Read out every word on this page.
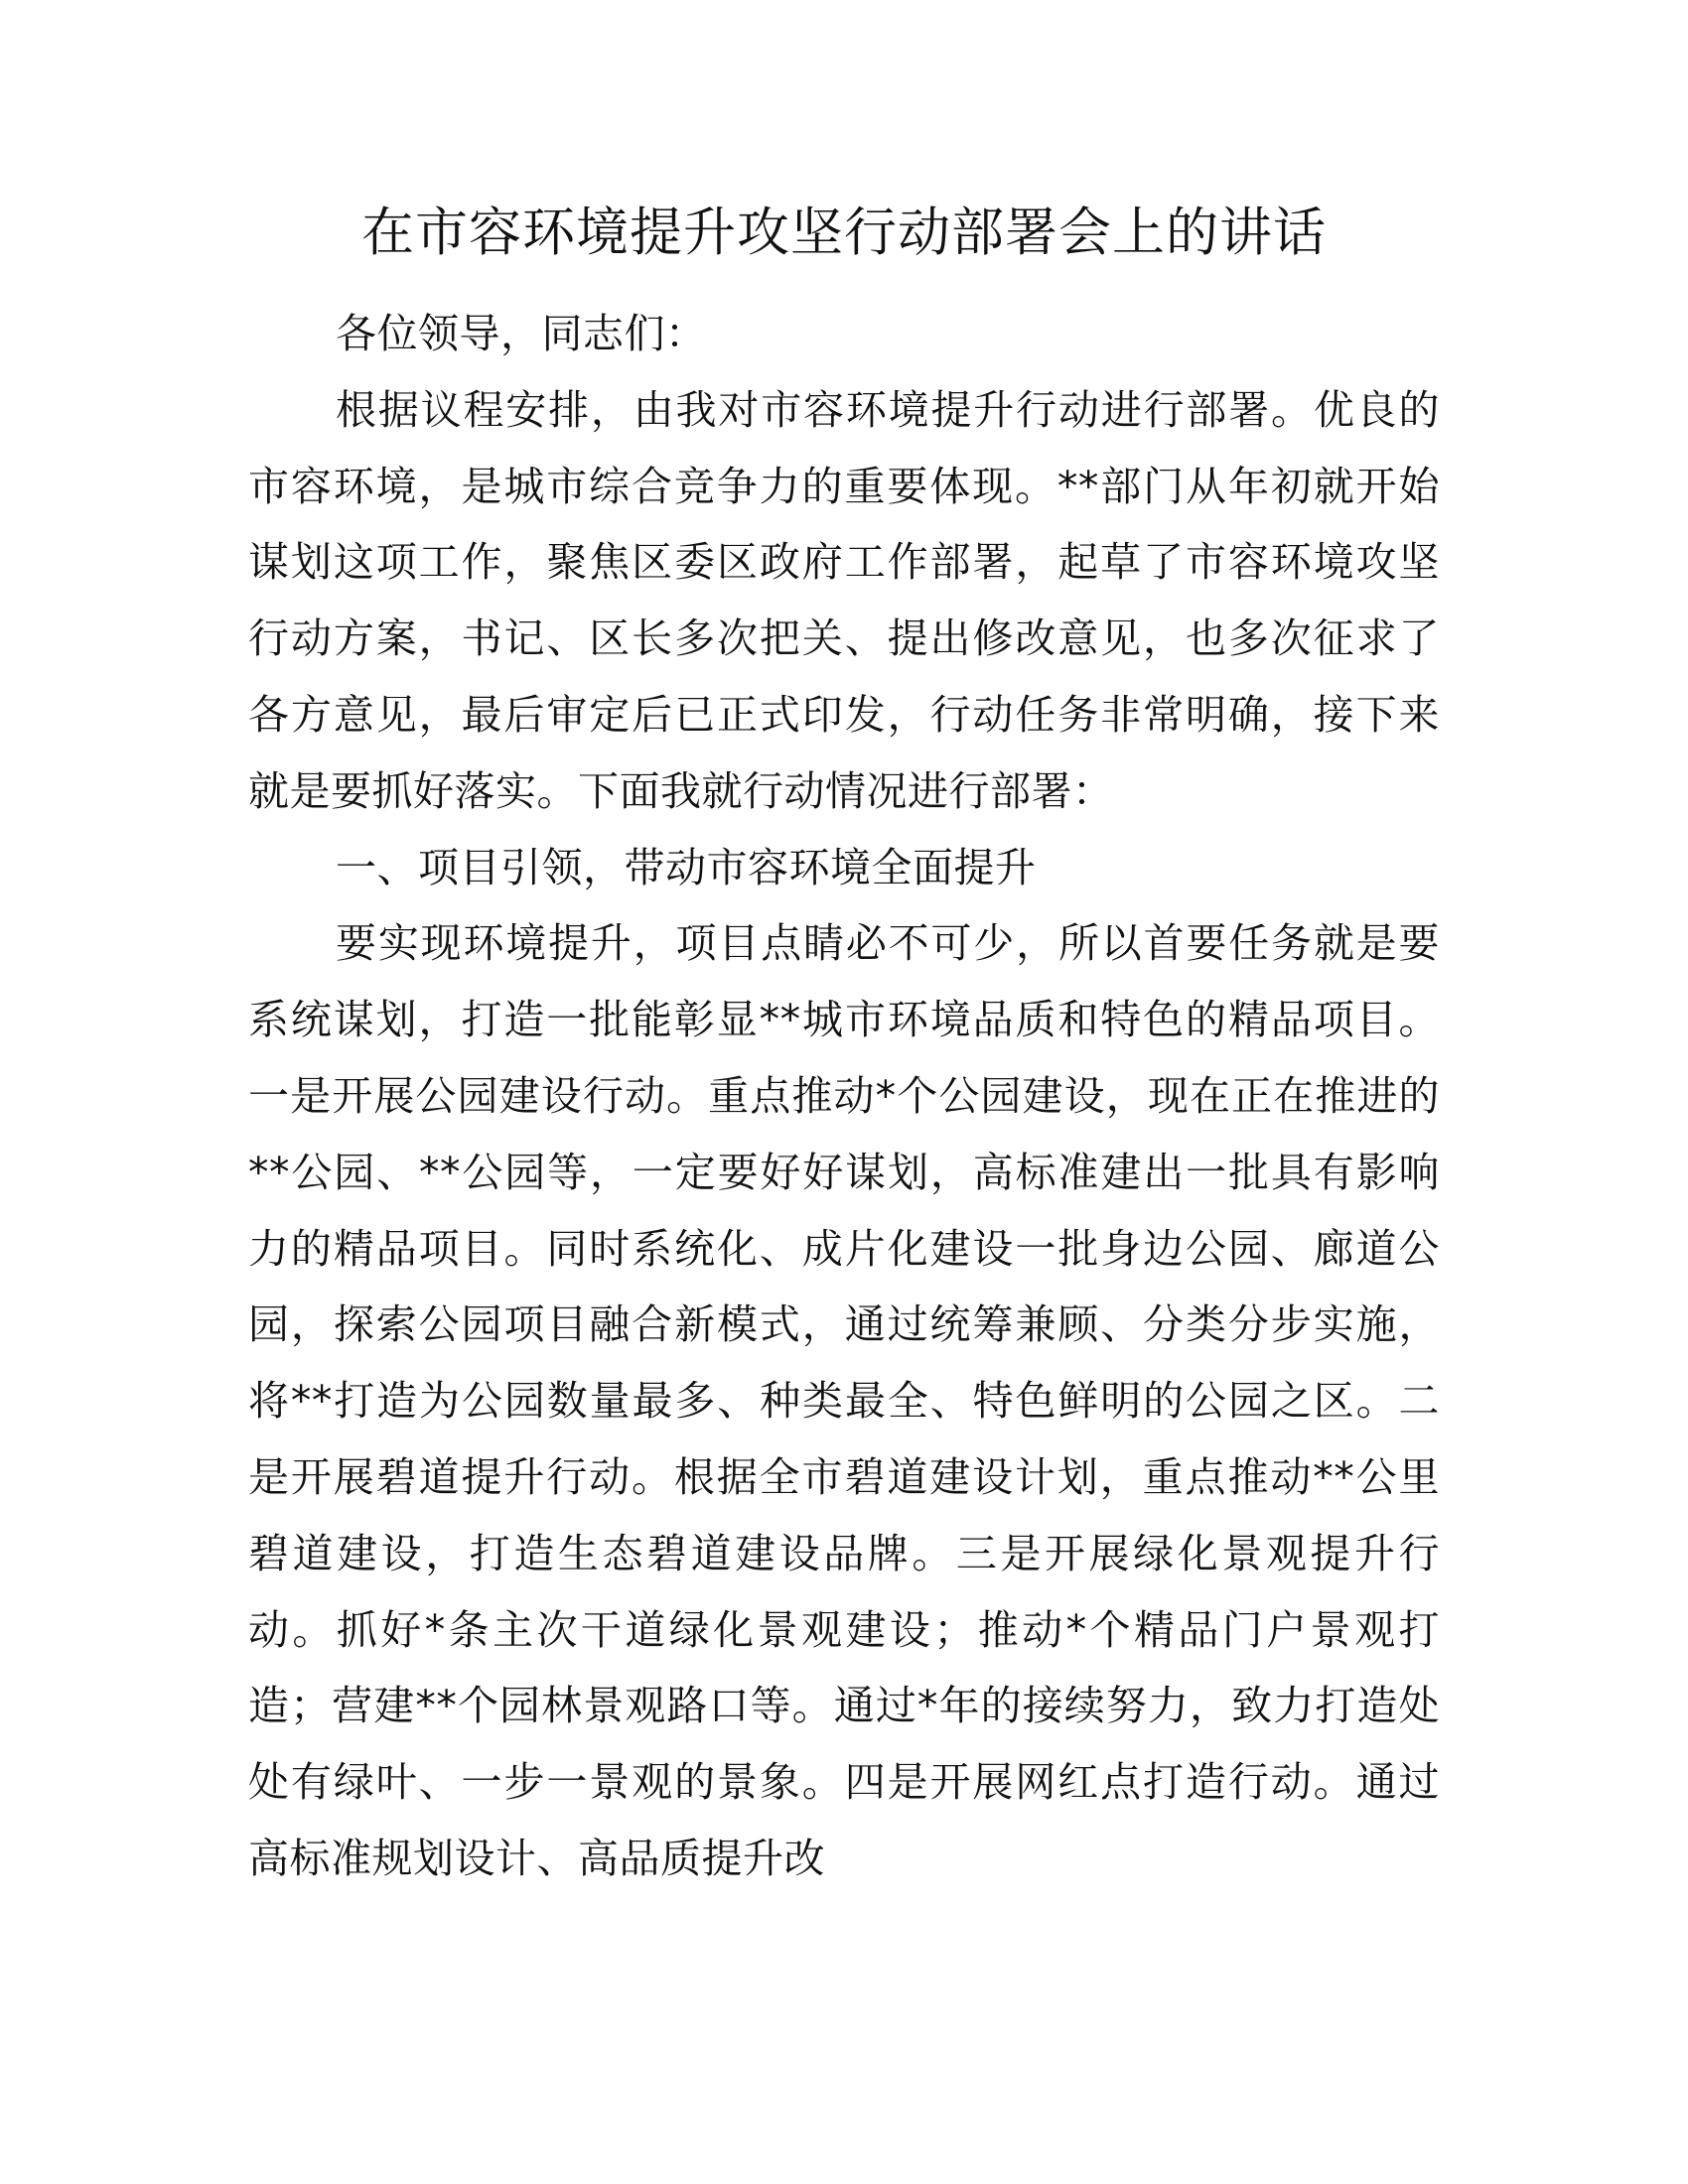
在市容环境提升攻坚行动部署会上的讲话

各位领导，同志们：

根据议程安排，由我对市容环境提升行动进行部署。优良的市容环境，是城市综合竞争力的重要体现。**部门从年初就开始谋划这项工作，聚焦区委区政府工作部署，起草了市容环境攻坚行动方案，书记、区长多次把关、提出修改意见，也多次征求了各方意见，最后审定后已正式印发，行动任务非常明确，接下来就是要抓好落实。下面我就行动情况进行部署：

一、项目引领，带动市容环境全面提升

要实现环境提升，项目点睛必不可少，所以首要任务就是要系统谋划，打造一批能彰显**城市环境品质和特色的精品项目。一是开展公园建设行动。重点推动*个公园建设，现在正在推进的**公园、**公园等，一定要好好谋划，高标准建出一批具有影响力的精品项目。同时系统化、成片化建设一批身边公园、廊道公园，探索公园项目融合新模式，通过统筹兼顾、分类分步实施，将**打造为公园数量最多、种类最全、特色鲜明的公园之区。二是开展碧道提升行动。根据全市碧道建设计划，重点推动**公里碧道建设，打造生态碧道建设品牌。三是开展绿化景观提升行动。抓好*条主次干道绿化景观建设；推动*个精品门户景观打造；营建**个园林景观路口等。通过*年的接续努力，致力打造处处有绿叶、一步一景观的景象。四是开展网红点打造行动。通过高标准规划设计、高品质提升改
